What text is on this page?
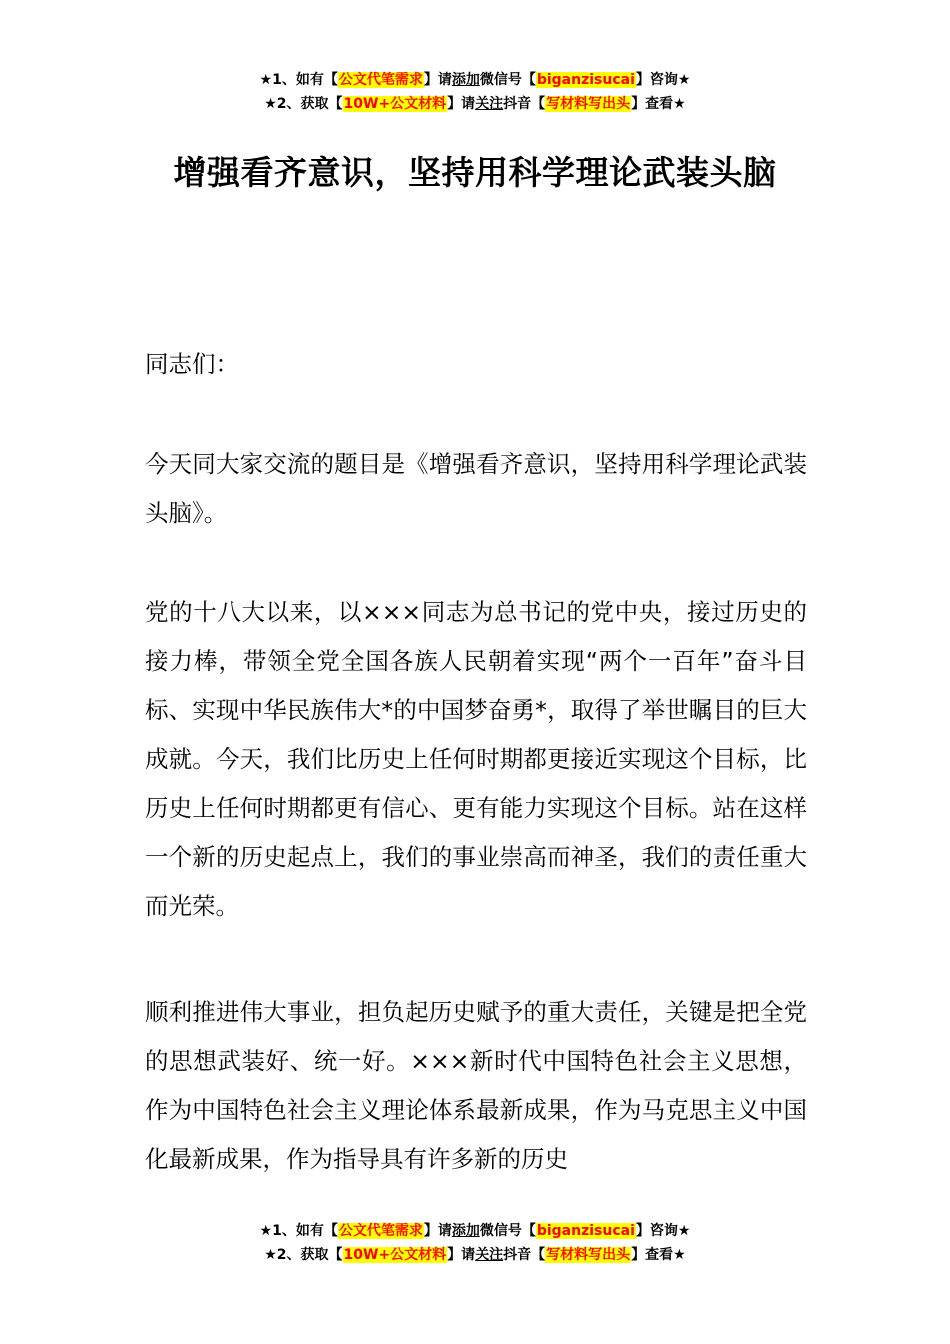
★1、如有【公文代笔需求】请添加微信号【biganzisucai】咨询★
★2、获取【10W+公文材料】请关注抖音【写材料写出头】查看★
增强看齐意识，坚持用科学理论武装头脑

同志们：

今天同大家交流的题目是《增强看齐意识，坚持用科学理论武装头脑》。

党的十八大以来，以×××同志为总书记的党中央，接过历史的接力棒，带领全党全国各族人民朝着实现“两个一百年”奋斗目标、实现中华民族伟大*的中国梦奋勇*，取得了举世瞩目的巨大成就。今天，我们比历史上任何时期都更接近实现这个目标，比历史上任何时期都更有信心、更有能力实现这个目标。站在这样一个新的历史起点上，我们的事业崇高而神圣，我们的责任重大而光荣。

顺利推进伟大事业，担负起历史赋予的重大责任，关键是把全党的思想武装好、统一好。×××新时代中国特色社会主义思想，作为中国特色社会主义理论体系最新成果，作为马克思主义中国化最新成果，作为指导具有许多新的历史

★1、如有【公文代笔需求】请添加微信号【biganzisucai】咨询★
★2、获取【10W+公文材料】请关注抖音【写材料写出头】查看★
